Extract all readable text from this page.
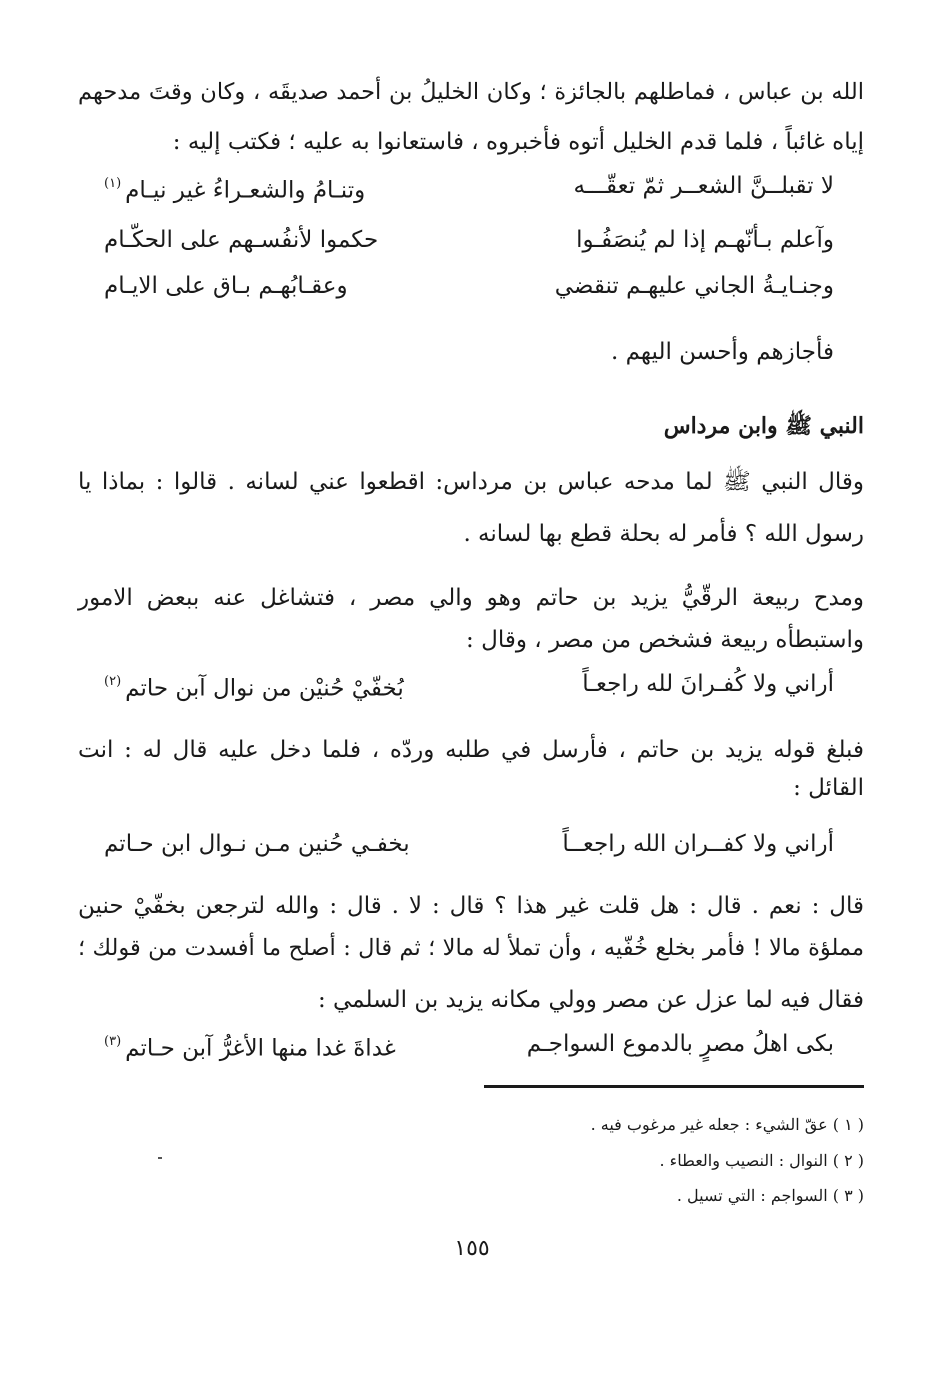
الله بن عباس ، فماطلهم بالجائزة ؛ وكان الخليلُ بن أحمد صديقَه ، وكان وقتَ مدحهم
إياه غائباً ، فلما قدم الخليل أتوه فأخبروه ، فاستعانوا به عليه ؛ فكتب إليه :
لا تقبلــنَّ الشعــر ثمّ تعقّـــه
وتنـامُ والشعـراءُ غير نيـام$^{(١)}$
وآعلم بـأنّهـم إذا لم يُنصَفُـوا
حكموا لأنفُسـهم على الحكّـام
وجنـايـةُ الجاني عليهـم تنقضي
وعقـابُهـم بـاق على الايـام
فأجازهم وأحسن اليهم .
النبي ﷺ وابن مرداس
وقال النبي ﷺ لما مدحه عباس بن مرداس: اقطعوا عني لسانه . قالوا : بماذا يا
رسول الله ؟ فأمر له بحلة قطع بها لسانه .
ومدح ربيعة الرقّيُّ يزيد بن حاتم وهو والي مصر ، فتشاغل عنه ببعض الامور
واستبطأه ربيعة فشخص من مصر ، وقال :
أراني ولا كُفـرانَ لله راجعـاً
بُخفّيْ حُنيْن من نوال آبن حاتم$^{(٢)}$
فبلغ قوله يزيد بن حاتم ، فأرسل في طلبه وردّه ، فلما دخل عليه قال له : انت
القائل :
أراني ولا كفــران الله راجعــاً
بخفـي حُنين مـن نـوال ابن حـاتم
قال : نعم . قال : هل قلت غير هذا ؟ قال : لا . قال : والله لترجعن بخفّيْ حنين
مملؤة مالا ! فأمر بخلع خُفّيه ، وأن تملأ له مالا ؛ ثم قال : أصلح ما أفسدت من قولك ؛
فقال فيه لما عزل عن مصر وولي مكانه يزيد بن السلمي :
بكى اهلُ مصرٍ بالدموع السواجـم
غداةَ غدا منها الأغرُّ آبن حـاتم$^{(٣)}$
( ١ ) عقّ الشيء : جعله غير مرغوب فيه .
( ٢ ) النوال : النصيب والعطاء .
( ٣ ) السواجم : التي تسيل .
١٥٥
